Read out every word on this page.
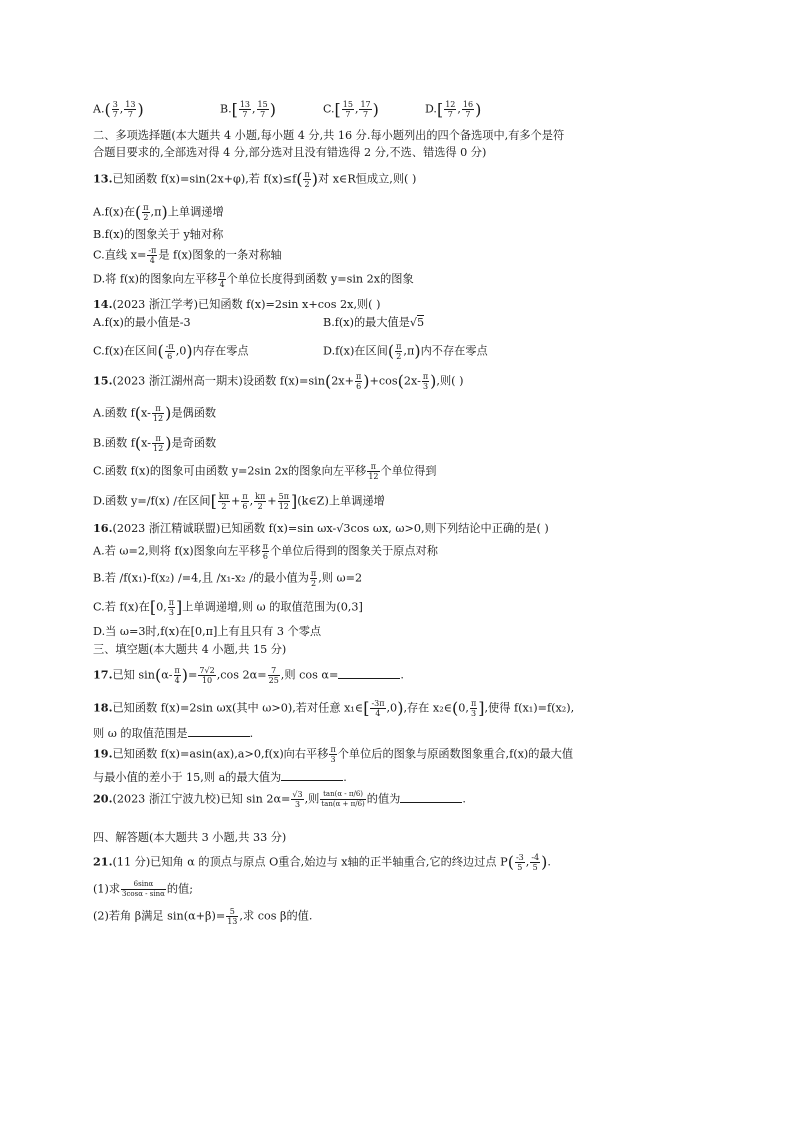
$A.( \frac{3}{7}$ , $\frac{13}{7}$ )	$B.[ \frac{13}{7}$ , $\frac{15}{7}$ )	$C.[ \frac{15}{7}$ , $\frac{17}{7}$ )	$D.[ \frac{12}{7}$ , $\frac{16}{7}$ )
二、多项选择题(本大题共 4 小题,每小题 4 分,共 16 分.每小题列出的四个备选项中,有多个是符
合题目要求的,全部选对得 4 分,部分选对且没有错选得 2 分,不选、错选得 0 分)
13.已知函数 f(x)=sin(2x+φ),若 $f(x)\le f( \frac{\pi}{2}$ )对 x∈R恒成立,则( )
A.f(x)在( $\frac{\pi}{2} ,\pi$)上单调递增
B.f(x)的图象关于 y轴对称
C.直线 $x= \frac{-\pi}{4}$ 是 f(x)图象的一条对称轴
D.将 f(x)的图象向左平移 $\frac{\pi}{4}$ 个单位长度得到函数 y=sin 2x的图象
14.(2023 浙江学考)已知函数 f(x)=2sin x+cos 2x,则( )
A.f(x)的最小值是-3	B.f(x)的最大值是√5
C.f(x)在区间( $\frac{-\pi}{6} ,0$)内存在零点	D.f(x)在区间( $\frac{\pi}{2} ,\pi$)内不存在零点
15.(2023 浙江湖州高一期末)设函数 $f(x)=\sin(2x+ \frac{\pi}{6} )+\cos(2x- \frac{\pi}{3}$ ),则( )
A.函数 $f(x- \frac{\pi}{12}$ )是偶函数
B.函数 $f(x- \frac{\pi}{12}$ )是奇函数
C.函数 f(x)的图象可由函数 y=2sin 2x的图象向左平移 $\frac{\pi}{12}$ 个单位得到
D.函数 y=/f(x) /在区间[ $\frac{k\pi}{2} + \frac{\pi}{6}$ , $\frac{k\pi}{2} + \frac{5\pi}{12}$ ](k∈Z)上单调递增
16.(2023 浙江精诚联盟)已知函数 f(x)=sin ωx-√3cos ωx, ω>0,则下列结论中正确的是( )
A.若 ω=2,则将 f(x)图象向左平移 $\frac{\pi}{6}$ 个单位后得到的图象关于原点对称
B.若 /f(x₁)-f(x₂) /=4,且 /x₁-x₂ /的最小值为 $\frac{\pi}{2}$ ,则 ω=2
C.若 f(x)在[0, $\frac{\pi}{3}$ ]上单调递增,则 ω 的取值范围为(0,3]
D.当 ω=3时,f(x)在[0,π]上有且只有 3 个零点
三、填空题(本大题共 4 小题,共 15 分)
17.已知 $\sin(\alpha- \frac{\pi}{4}$ )= $\frac{7√2}{10} ,\cos$ $2\alpha= \frac{7}{25}$ ,则 cos α=	.
18.已知函数 f(x)=2sin ωx(其中 ω>0),若对任意 x₁∈[ $\frac{-3\pi}{4} ,0$),存在 x₂∈(0, $\frac{\pi}{3}$ ],使得 f(x₁)=f(x₂),
则 ω 的取值范围是	.
19.已知函数 f(x)=asin(ax),a>0,f(x)向右平移 $\frac{\pi}{3}$ 个单位后的图象与原函数图象重合,f(x)的最大值
与最小值的差小于 15,则 a的最大值为	.
20.(2023 浙江宁波九校)已知 $\sin 2\alpha= \frac{√3}{3}$ ,则 $\frac{\tan(\alpha - \pi/6)}{\tan(\alpha + \pi/6)}$ 的值为	.
四、解答题(本大题共 3 小题,共 33 分)
21.(11 分)已知角 α 的顶点与原点 O重合,始边与 x轴的正半轴重合,它的终边过点 $P( \frac{-3}{5}$ , $\frac{-4}{5}$ ).
(1)求 $\frac{6\sin\alpha}{3\cos\alpha - \sin\alpha}$ 的值;
(2)若角 β满足 $\sin(\alpha+\beta)= \frac{5}{13}$ ,求 cos β的值.
